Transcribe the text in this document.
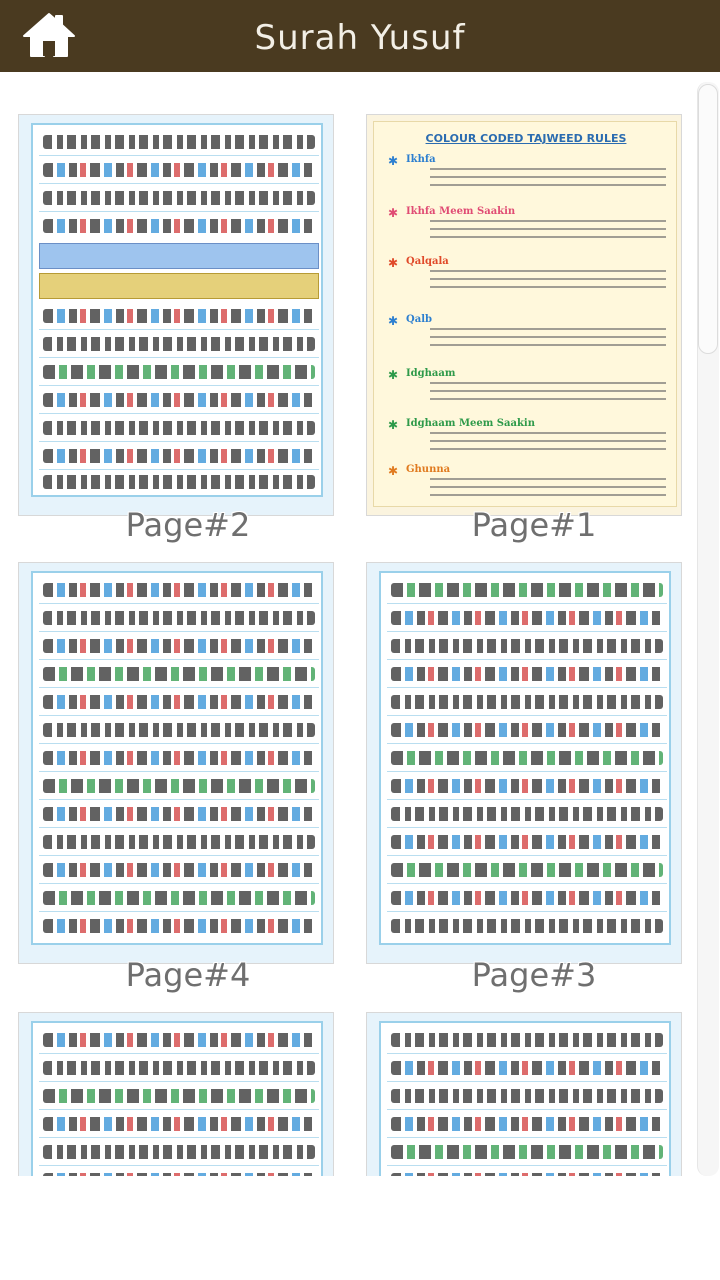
Surah Yusuf
Page#2
COLOUR CODED TAJWEED RULES
✱ Ikhfa
✱ Ikhfa Meem Saakin
✱ Qalqala
✱ Qalb
✱ Idghaam
✱ Idghaam Meem Saakin
✱ Ghunna
Page#1
Page#4	Page#3
